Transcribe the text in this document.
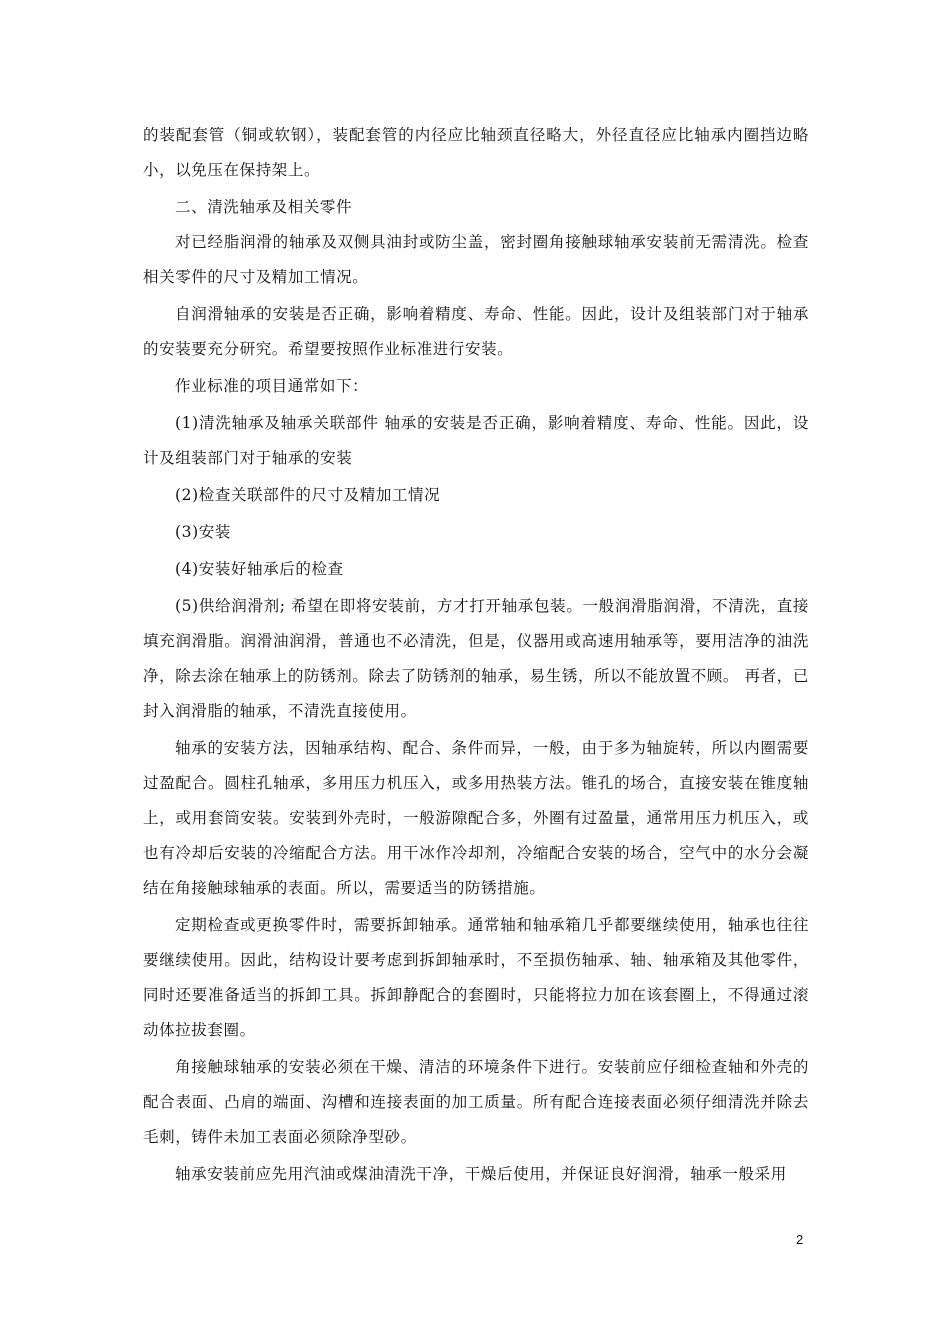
的装配套管（铜或软钢），装配套管的内径应比轴颈直径略大，外径直径应比轴承内圈挡边略小，以免压在保持架上。

二、清洗轴承及相关零件

对已经脂润滑的轴承及双侧具油封或防尘盖，密封圈角接触球轴承安装前无需清洗。检查相关零件的尺寸及精加工情况。

自润滑轴承的安装是否正确，影响着精度、寿命、性能。因此，设计及组装部门对于轴承的安装要充分研究。希望要按照作业标准进行安装。

作业标准的项目通常如下：

(1)清洗轴承及轴承关联部件 轴承的安装是否正确，影响着精度、寿命、性能。因此，设计及组装部门对于轴承的安装

(2)检查关联部件的尺寸及精加工情况

(3)安装

(4)安装好轴承后的检查

(5)供给润滑剂; 希望在即将安装前，方才打开轴承包装。一般润滑脂润滑，不清洗，直接填充润滑脂。润滑油润滑，普通也不必清洗，但是，仪器用或高速用轴承等，要用洁净的油洗净，除去涂在轴承上的防锈剂。除去了防锈剂的轴承，易生锈，所以不能放置不顾。 再者，已封入润滑脂的轴承，不清洗直接使用。

轴承的安装方法，因轴承结构、配合、条件而异，一般，由于多为轴旋转，所以内圈需要过盈配合。圆柱孔轴承，多用压力机压入，或多用热装方法。锥孔的场合，直接安装在锥度轴上，或用套筒安装。安装到外壳时，一般游隙配合多，外圈有过盈量，通常用压力机压入，或也有冷却后安装的冷缩配合方法。用干冰作冷却剂，冷缩配合安装的场合，空气中的水分会凝结在角接触球轴承的表面。所以，需要适当的防锈措施。

定期检查或更换零件时，需要拆卸轴承。通常轴和轴承箱几乎都要继续使用，轴承也往往要继续使用。因此，结构设计要考虑到拆卸轴承时，不至损伤轴承、轴、轴承箱及其他零件，同时还要准备适当的拆卸工具。拆卸静配合的套圈时，只能将拉力加在该套圈上，不得通过滚动体拉拔套圈。

角接触球轴承的安装必须在干燥、清洁的环境条件下进行。安装前应仔细检查轴和外壳的配合表面、凸肩的端面、沟槽和连接表面的加工质量。所有配合连接表面必须仔细清洗并除去毛刺，铸件未加工表面必须除净型砂。

轴承安装前应先用汽油或煤油清洗干净，干燥后使用，并保证良好润滑，轴承一般采用

2
